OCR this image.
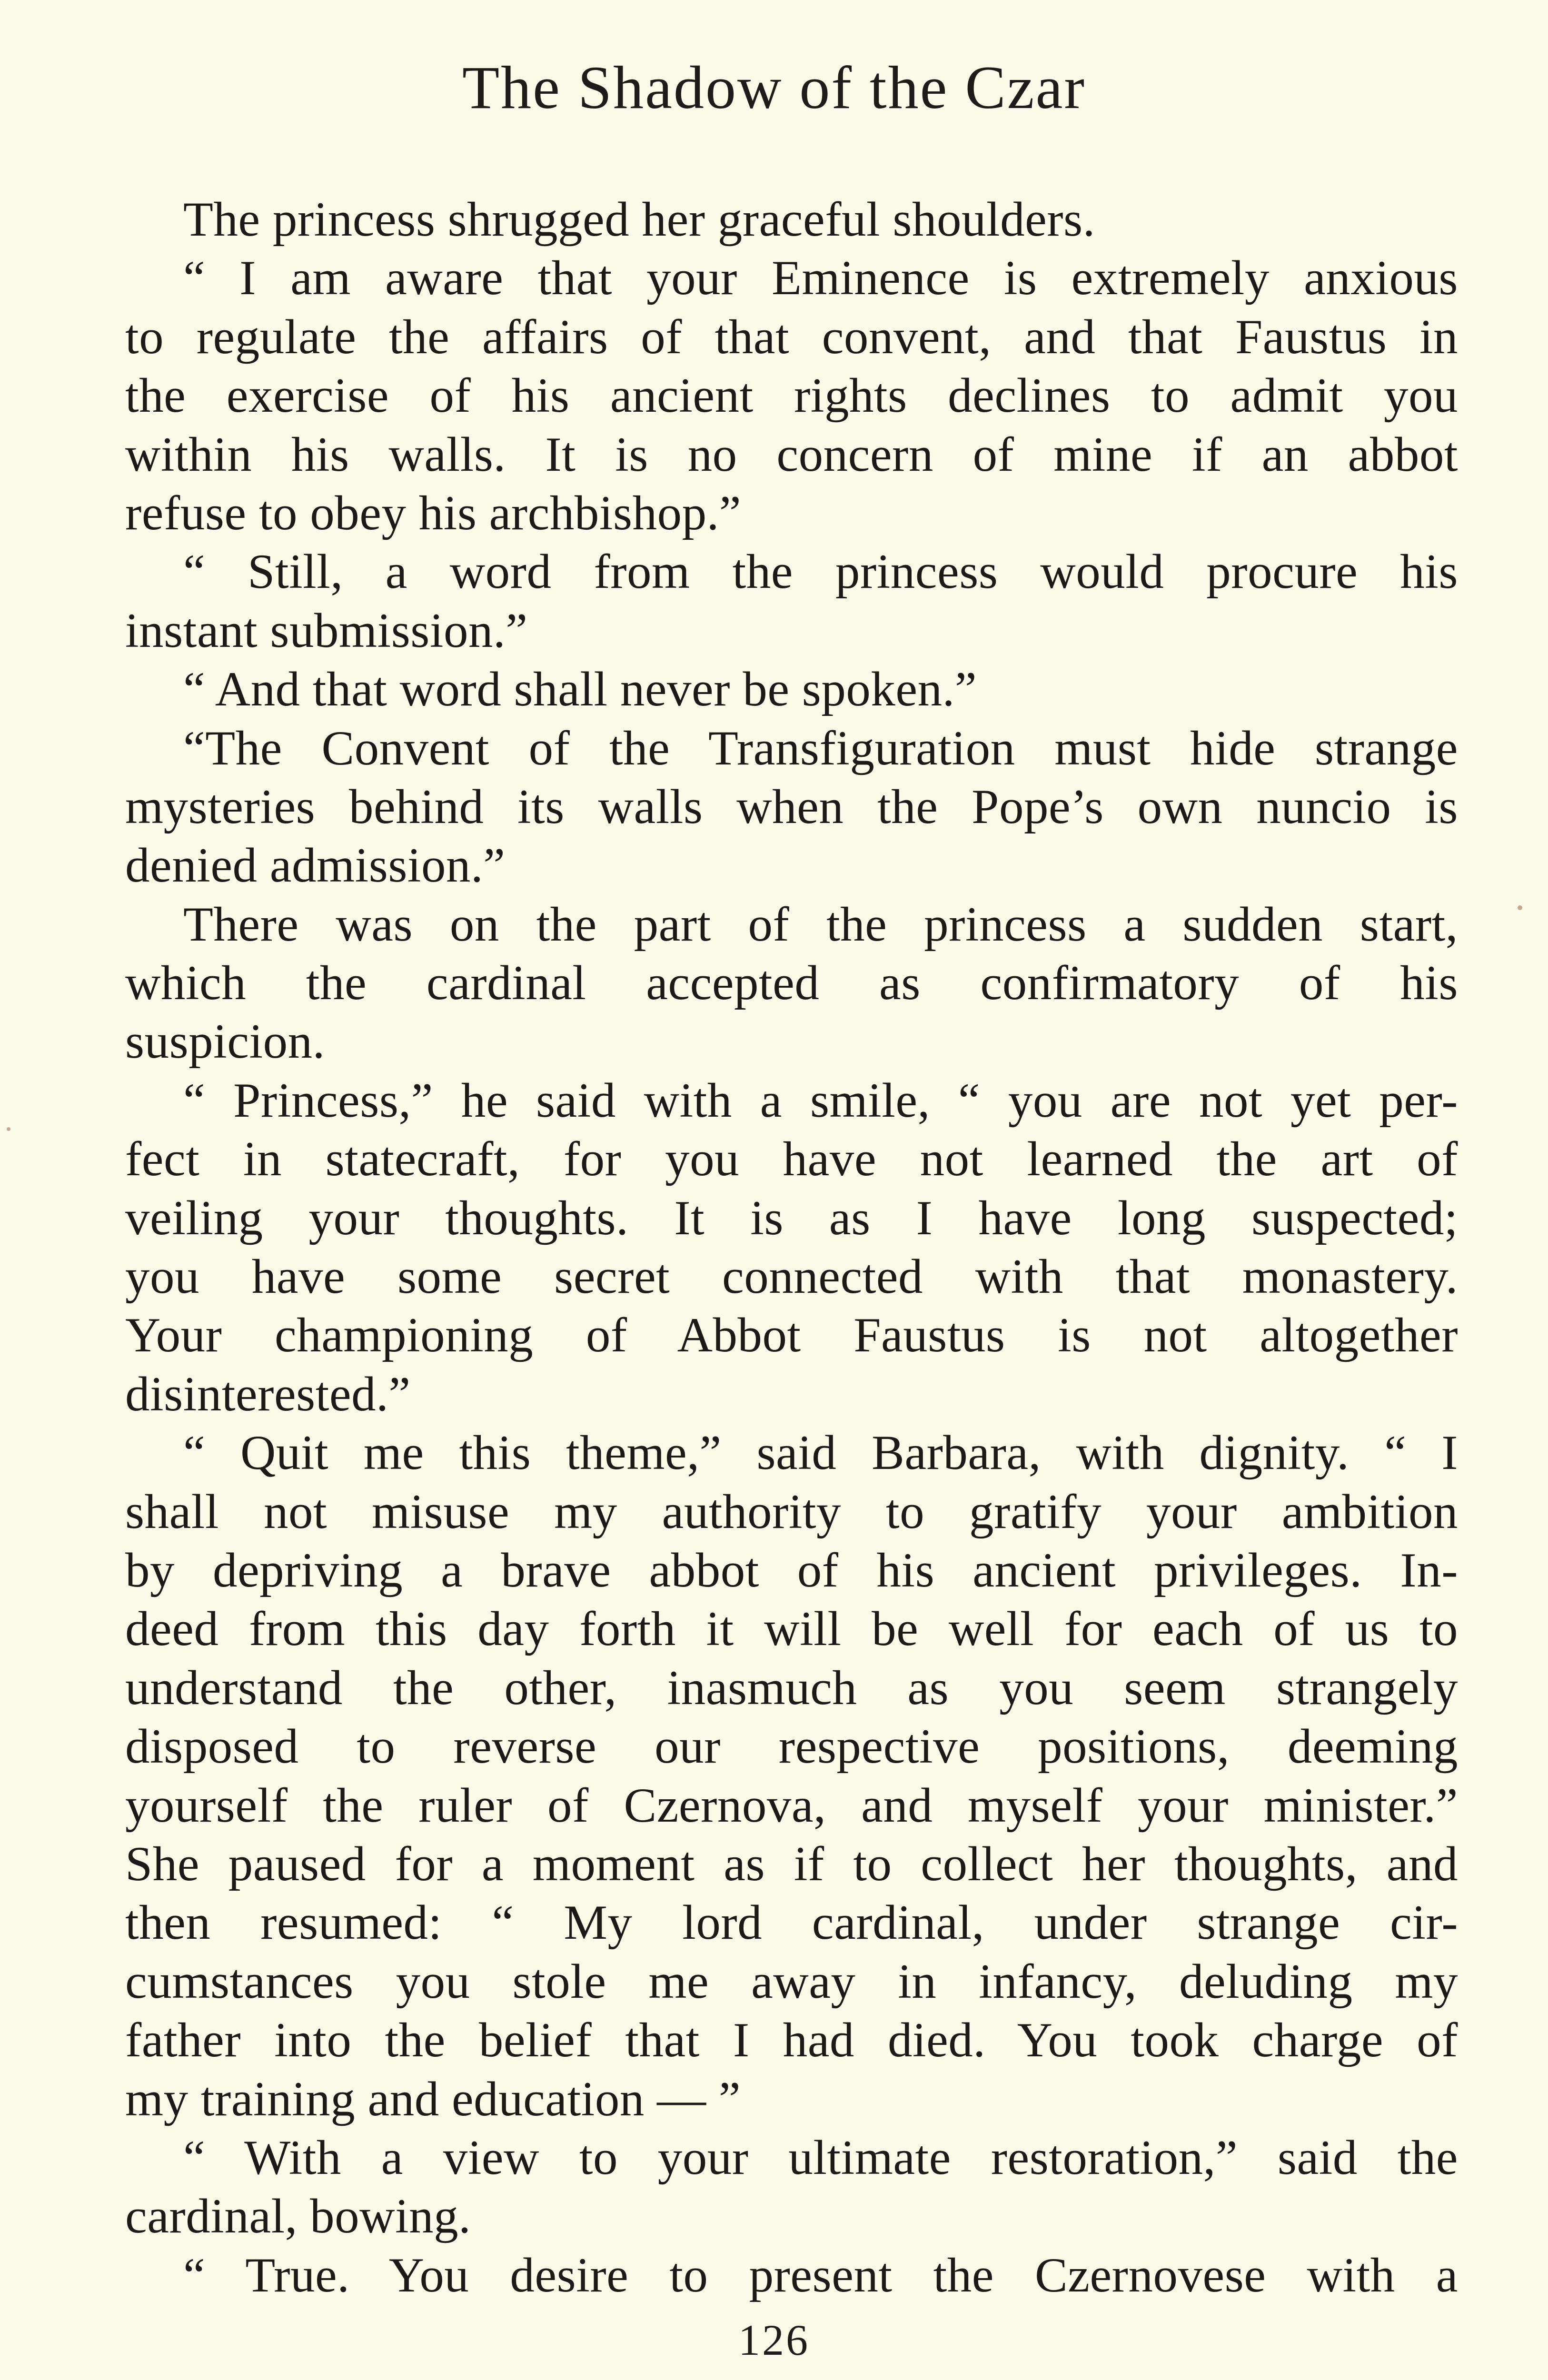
The Shadow of the Czar
The princess shrugged her graceful shoulders.
“ I am aware that your Eminence is extremely anxious
to regulate the affairs of that convent, and that Faustus in
the exercise of his ancient rights declines to admit you
within his walls. It is no concern of mine if an abbot
refuse to obey his archbishop.”
“ Still, a word from the princess would procure his
instant submission.”
“ And that word shall never be spoken.”
“The Convent of the Transfiguration must hide strange
mysteries behind its walls when the Pope’s own nuncio is
denied admission.”
There was on the part of the princess a sudden start,
which the cardinal accepted as confirmatory of his
suspicion.
“ Princess,” he said with a smile, “ you are not yet per-
fect in statecraft, for you have not learned the art of
veiling your thoughts. It is as I have long suspected;
you have some secret connected with that monastery.
Your championing of Abbot Faustus is not altogether
disinterested.”
“ Quit me this theme,” said Barbara, with dignity. “ I
shall not misuse my authority to gratify your ambition
by depriving a brave abbot of his ancient privileges. In-
deed from this day forth it will be well for each of us to
understand the other, inasmuch as you seem strangely
disposed to reverse our respective positions, deeming
yourself the ruler of Czernova, and myself your minister.”
She paused for a moment as if to collect her thoughts, and
then resumed: “ My lord cardinal, under strange cir-
cumstances you stole me away in infancy, deluding my
father into the belief that I had died. You took charge of
my training and education — ”
“ With a view to your ultimate restoration,” said the
cardinal, bowing.
“ True. You desire to present the Czernovese with a
126
